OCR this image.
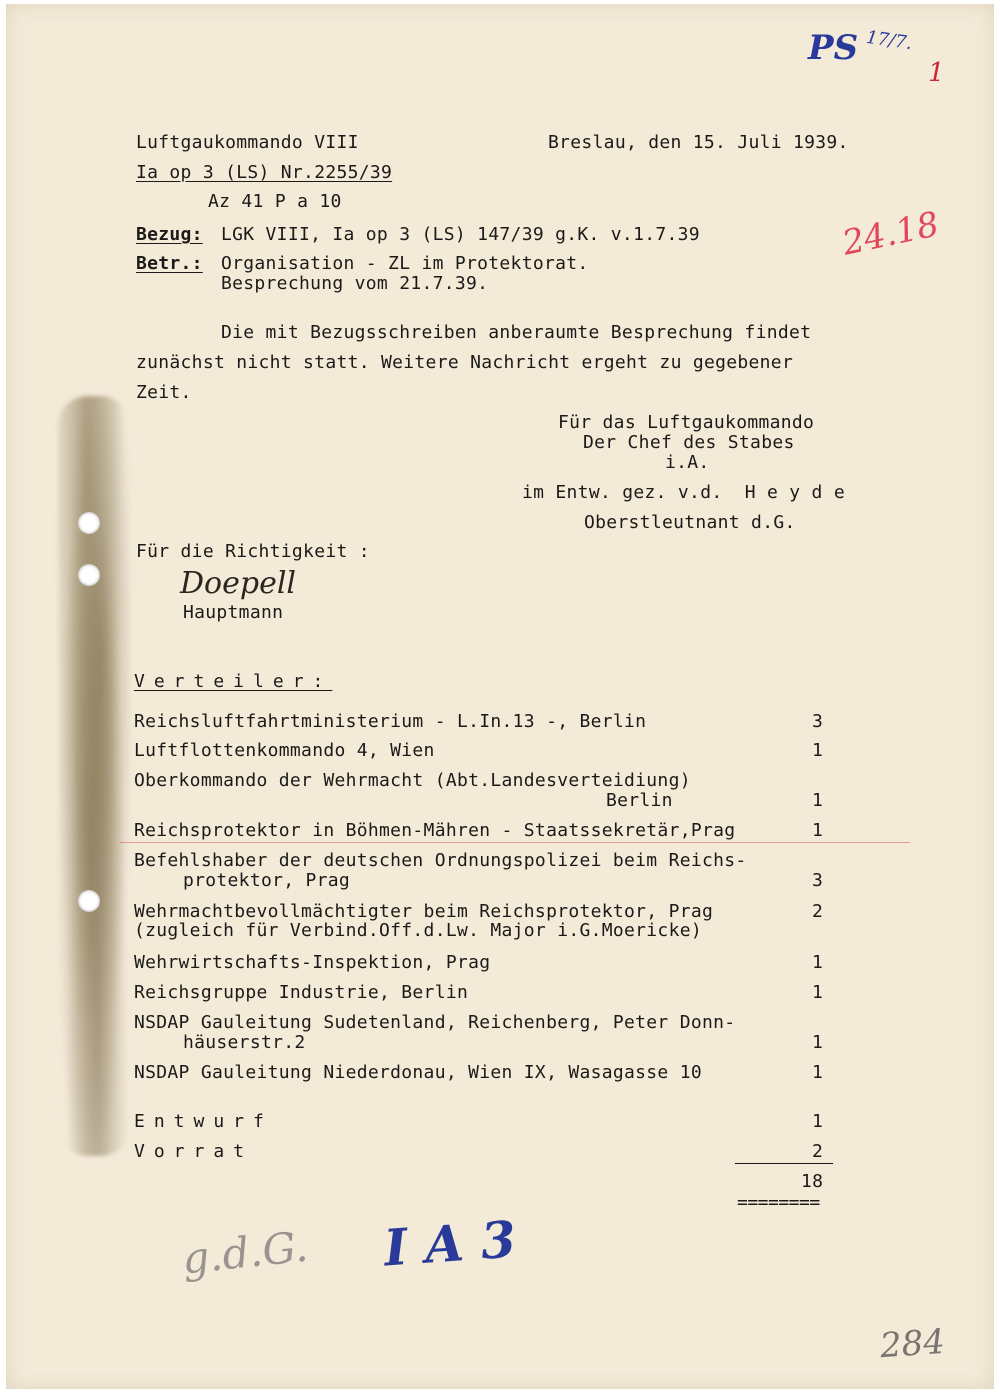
PS 17/7.
1
24.18
Luftgaukommando VIII	Breslau, den 15. Juli 1939.
Ia op 3 (LS) Nr.2255/39
Az 41 P a 10
Bezug: LGK VIII, Ia op 3 (LS) 147/39 g.K. v.1.7.39
Betr.: Organisation - ZL im Protektorat.
Besprechung vom 21.7.39.
Die mit Bezugsschreiben anberaumte Besprechung findet
zunächst nicht statt. Weitere Nachricht ergeht zu gegebener
Zeit.
Für das Luftgaukommando
Der Chef des Stabes
i.A.
im Entw. gez. v.d.  H e y d e
Oberstleutnant d.G.
Für die Richtigkeit :
Doepell
Hauptmann
Verteiler:
Reichsluftfahrtministerium - L.In.13 -, Berlin	3
Luftflottenkommando 4, Wien	1
Oberkommando der Wehrmacht (Abt.Landesverteidiung)
Berlin	1
Reichsprotektor in Böhmen-Mähren - Staatssekretär,Prag	1
Befehlshaber der deutschen Ordnungspolizei beim Reichs-
protektor, Prag	3
Wehrmachtbevollmächtigter beim Reichsprotektor, Prag	2
(zugleich für Verbind.Off.d.Lw. Major i.G.Moericke)
Wehrwirtschafts-Inspektion, Prag	1
Reichsgruppe Industrie, Berlin	1
NSDAP Gauleitung Sudetenland, Reichenberg, Peter Donn-
häuserstr.2	1
NSDAP Gauleitung Niederdonau, Wien IX, Wasagasse 10	1
Entwurf	1
Vorrat	2
18
========
g.d.G. I A 3
284
